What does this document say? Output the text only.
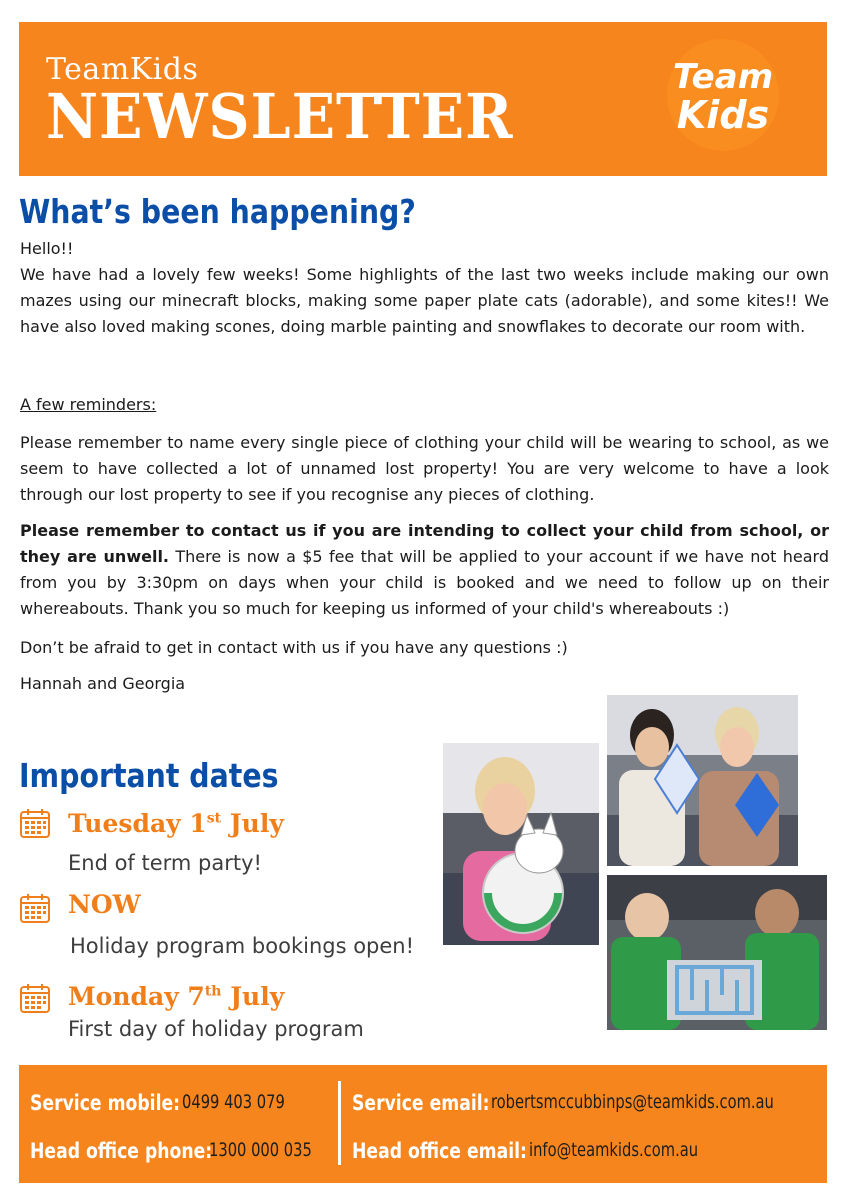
TeamKids
NEWSLETTER
Team
Kids
What’s been happening?

Hello!!

We have had a lovely few weeks! Some highlights of the last two weeks include making our own mazes using our minecraft blocks, making some paper plate cats (adorable), and some kites!! We have also loved making scones, doing marble painting and snowflakes to decorate our room with.

A few reminders:

Please remember to name every single piece of clothing your child will be wearing to school, as we seem to have collected a lot of unnamed lost property! You are very welcome to have a look through our lost property to see if you recognise any pieces of clothing.

Please remember to contact us if you are intending to collect your child from school, or they are unwell. There is now a $5 fee that will be applied to your account if we have not heard from you by 3:30pm on days when your child is booked and we need to follow up on their whereabouts. Thank you so much for keeping us informed of your child's whereabouts :)

Don’t be afraid to get in contact with us if you have any questions :)

Hannah and Georgia

Important dates
Tuesday 1st July
End of term party!
NOW
Holiday program bookings open!
Monday 7th July
First day of holiday program
Service mobile: 0499 403 079
Head office phone:
1300 000 035
Service email: robertsmccubbinps@teamkids.com.au
Head office email: info@teamkids.com.au
